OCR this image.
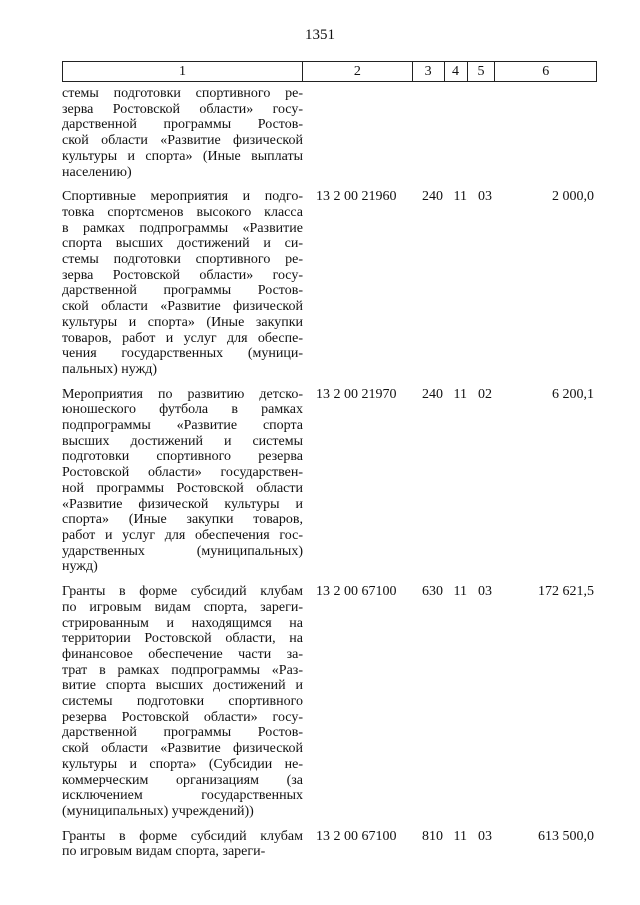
1351
1	2	3	4	5	6
стемы подготовки спортивного ре-
зерва Ростовской области» госу-
дарственной программы Ростов-
ской области «Развитие физической
культуры и спорта» (Иные выплаты
населению)
Спортивные мероприятия и подго-
товка спортсменов высокого класса
в рамках подпрограммы «Развитие
спорта высших достижений и си-
стемы подготовки спортивного ре-
зерва Ростовской области» госу-
дарственной программы Ростов-
ской области «Развитие физической
культуры и спорта» (Иные закупки
товаров, работ и услуг для обеспе-
чения государственных (муници-
пальных) нужд)
13 2 00 21960	240 11 03	2 000,0
Мероприятия по развитию детско-
юношеского футбола в рамках
подпрограммы «Развитие спорта
высших достижений и системы
подготовки спортивного резерва
Ростовской области» государствен-
ной программы Ростовской области
«Развитие физической культуры и
спорта» (Иные закупки товаров,
работ и услуг для обеспечения гос-
ударственных (муниципальных)
нужд)
13 2 00 21970	240 11 02	6 200,1
Гранты в форме субсидий клубам
по игровым видам спорта, зареги-
стрированным и находящимся на
территории Ростовской области, на
финансовое обеспечение части за-
трат в рамках подпрограммы «Раз-
витие спорта высших достижений и
системы подготовки спортивного
резерва Ростовской области» госу-
дарственной программы Ростов-
ской области «Развитие физической
культуры и спорта» (Субсидии не-
коммерческим организациям (за
исключением государственных
(муниципальных) учреждений))
13 2 00 67100	630 11 03	172 621,5
Гранты в форме субсидий клубам
по игровым видам спорта, зареги-
13 2 00 67100	810 11 03	613 500,0
